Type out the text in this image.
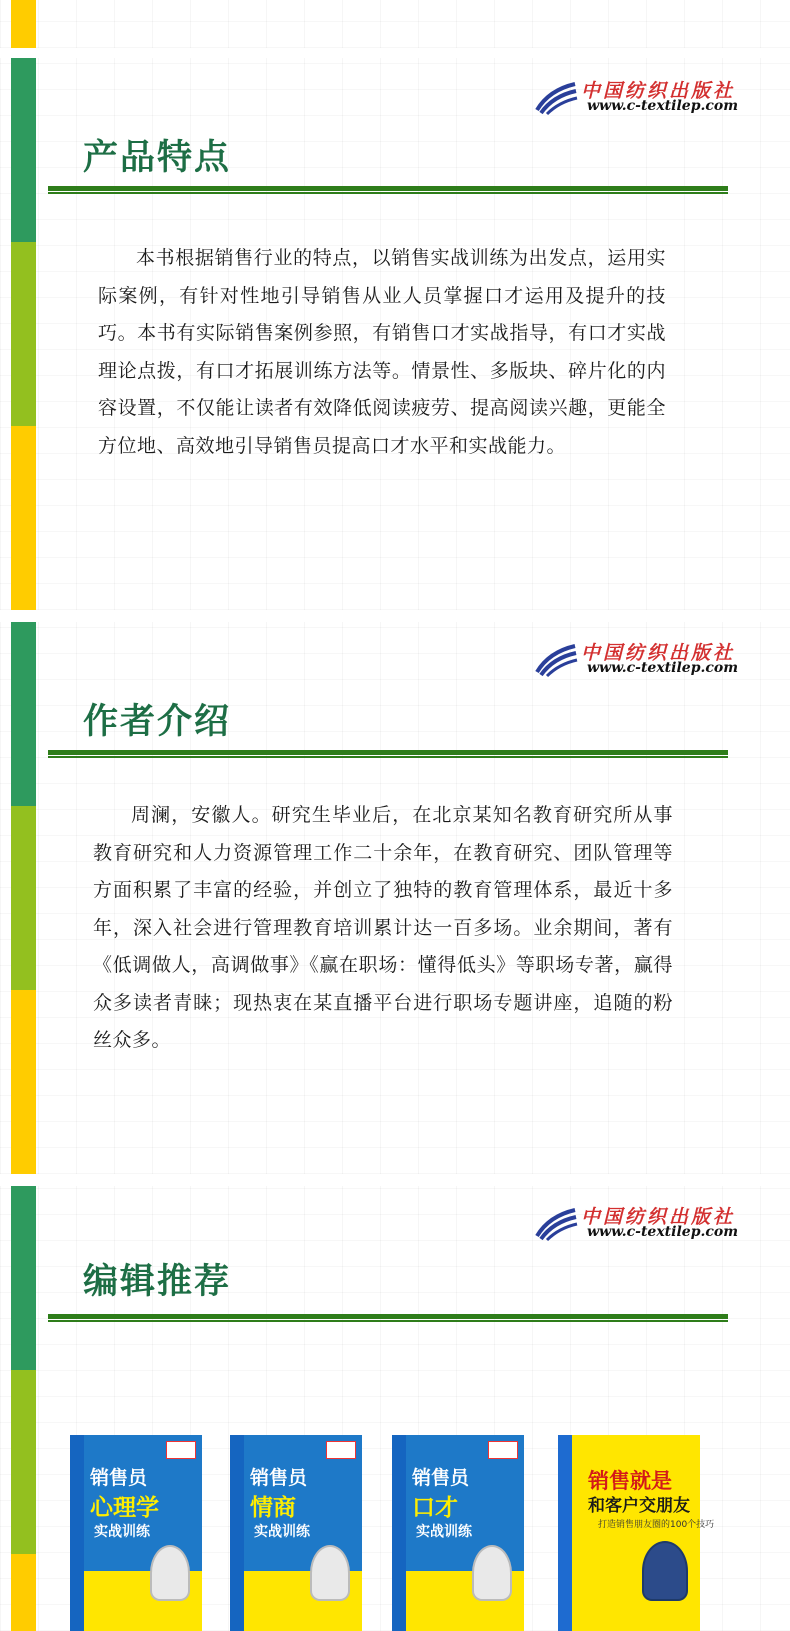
中国纺织出版社
www.c-textilep.com
产品特点

本书根据销售行业的特点，以销售实战训练为出发点，运用实际案例，有针对性地引导销售从业人员掌握口才运用及提升的技巧。本书有实际销售案例参照，有销售口才实战指导，有口才实战理论点拨，有口才拓展训练方法等。情景性、多版块、碎片化的内容设置，不仅能让读者有效降低阅读疲劳、提高阅读兴趣，更能全方位地、高效地引导销售员提高口才水平和实战能力。

中国纺织出版社
www.c-textilep.com
作者介绍

周澜，安徽人。研究生毕业后，在北京某知名教育研究所从事教育研究和人力资源管理工作二十余年，在教育研究、团队管理等方面积累了丰富的经验，并创立了独特的教育管理体系，最近十多年，深入社会进行管理教育培训累计达一百多场。业余期间，著有《低调做人，高调做事》《赢在职场：懂得低头》等职场专著，赢得众多读者青睐；现热衷在某直播平台进行职场专题讲座，追随的粉丝众多。

中国纺织出版社
www.c-textilep.com
编辑推荐
销售员
心理学
实战训练
销售员
情商
实战训练
销售员
口才
实战训练
销售就是
和客户交朋友
打造销售朋友圈的100个技巧
